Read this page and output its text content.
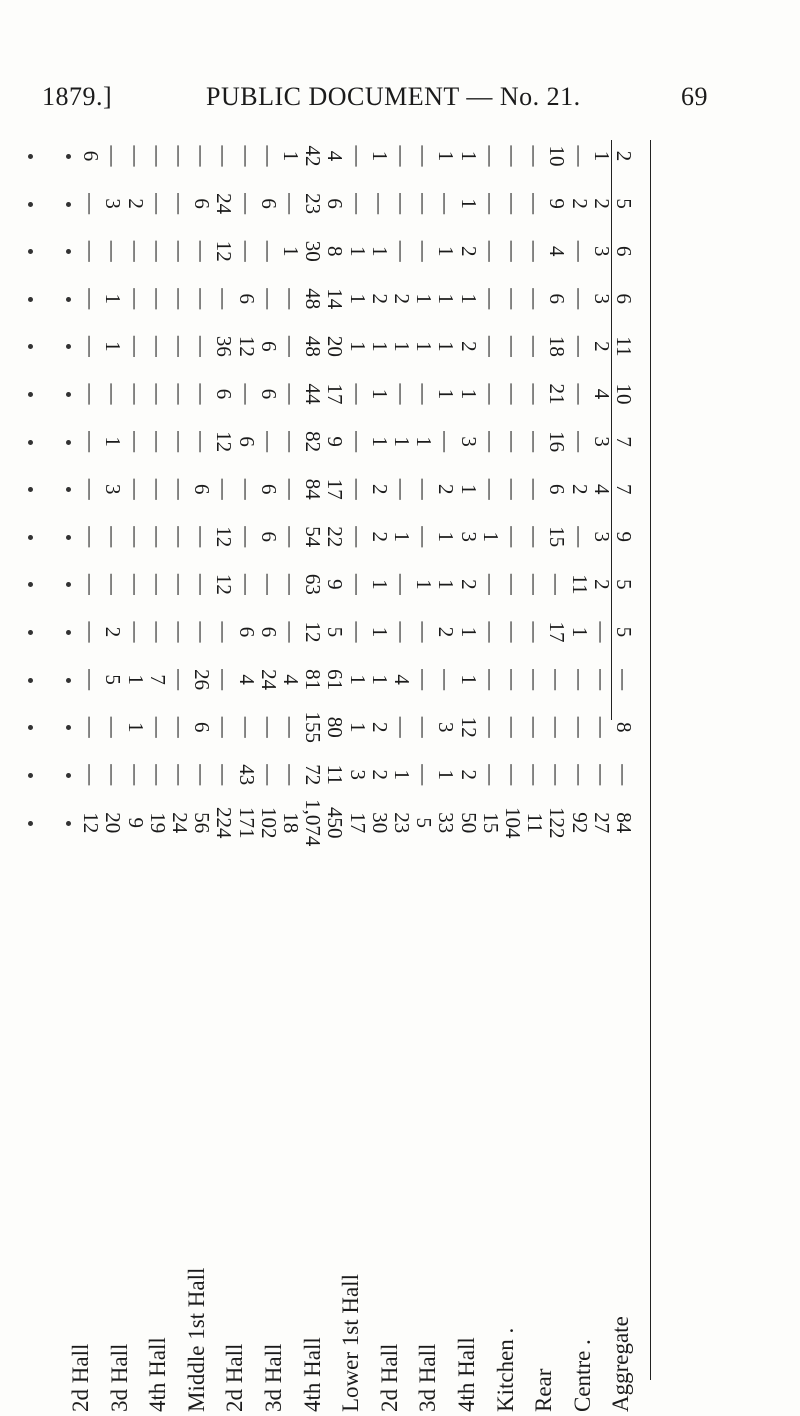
1879.]	PUBLIC DOCUMENT — No. 21.	69
2
5
6
6
11
10
7
7
9
5
5
—
8
—
84
1
2
3
3
2
4
3
4
3
2
—
—
—
—
27
—
2
—
—
—
—
—
2
—
11
1
—
—
—
92
10
9
4
6
18
21
16
6
15
—
17
—
—
—
122
—
—
—
—
—
—
—
—
—
—
—
—
—
—
11
—
—
—
—
—
—
—
—
—
—
—
—
—
—
104
—
—
—
—
—
—
—
—
1
—
—
—
—
—
15
1
1
2
1
2
1
3
1
3
2
1
1
12
2
50
1
—
1
1
1
1
—
2
1
1
2
—
3
1
33
—
—
—
1
1
—
1
—
—
1
—
—
—
—
5
—
—
—
2
1
—
1
—
1
—
—
4
—
1
23
1
—
1
2
1
1
1
2
2
1
1
1
2
2
30
—
—
1
1
1
—
—
—
—
—
—
1
1
3
17
4
6
8
14
20
17
9
17
22
9
5
61
80
11
450
42
23
30
48
48
44
82
84
54
63
12
81
155
72
1,074
1
—
1
—
—
—
—
—
—
—
—
4
—
—
18
—
6
—
—
6
6
—
6
6
—
6
24
—
—
102
—
—
—
6
12
—
6
—
—
—
6
4
—
43
171
—
24
12
—
36
6
12
—
12
12
—
—
—
—
224
—
6
—
—
—
—
—
6
—
—
—
26
6
—
56
—
—
—
—
—
—
—
—
—
—
—
—
—
—
24
—
—
—
—
—
—
—
—
—
—
—
7
—
—
19
—
2
—
—
—
—
—
—
—
—
—
1
1
—
9
—
3
—
1
1
—
1
3
—
—
2
5
—
—
20
6
—
—
—
—
—
—
—
—
—
—
—
—
—
12
2d Hall 3d Hall 4th Hall Middle 1st Hall 2d Hall 3d Hall 4th Hall Lower 1st Hall 2d Hall 3d Hall 4th Hall Kitchen . Rear Centre . Aggregate
